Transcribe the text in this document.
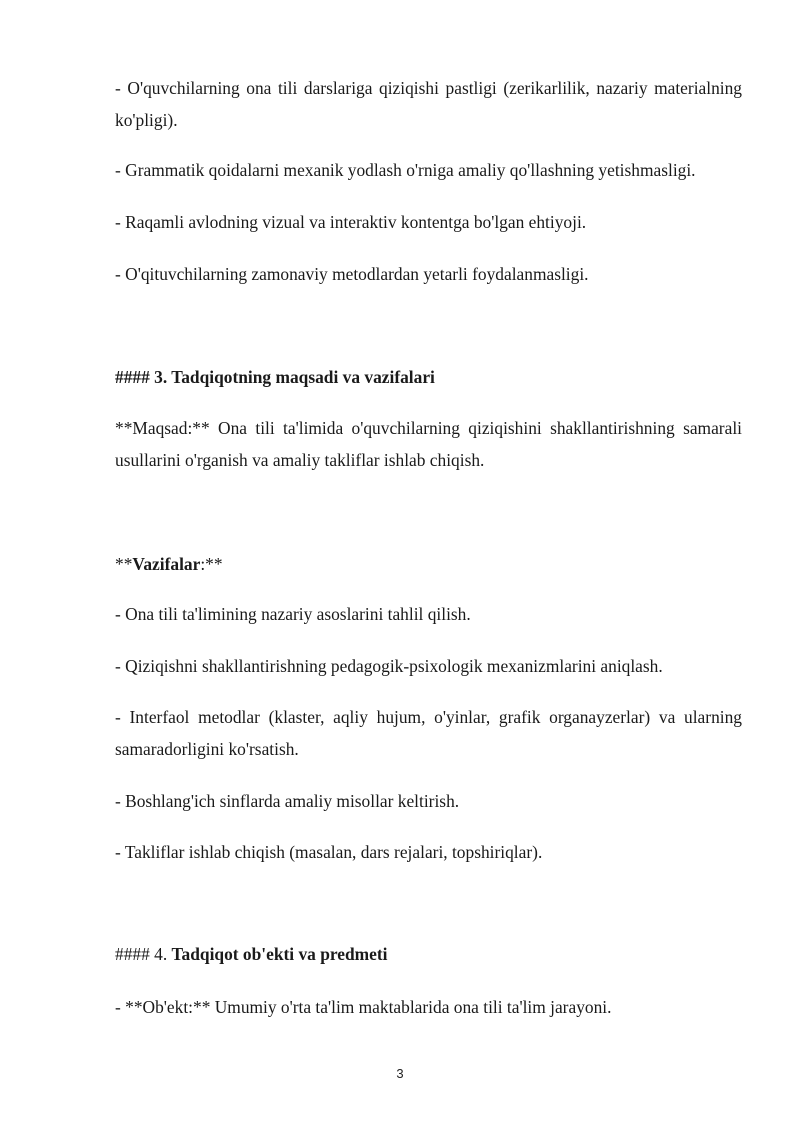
- O'quvchilarning ona tili darslariga qiziqishi pastligi (zerikarlilik, nazariy materialning ko'pligi).

- Grammatik qoidalarni mexanik yodlash o'rniga amaliy qo'llashning yetishmasligi.

- Raqamli avlodning vizual va interaktiv kontentga bo'lgan ehtiyoji.

- O'qituvchilarning zamonaviy metodlardan yetarli foydalanmasligi.

#### 3. Tadqiqotning maqsadi va vazifalari

**Maqsad:** Ona tili ta'limida o'quvchilarning qiziqishini shakllantirishning samarali usullarini o'rganish va amaliy takliflar ishlab chiqish.

**Vazifalar:**

- Ona tili ta'limining nazariy asoslarini tahlil qilish.

- Qiziqishni shakllantirishning pedagogik-psixologik mexanizmlarini aniqlash.

- Interfaol metodlar (klaster, aqliy hujum, o'yinlar, grafik organayzerlar) va ularning samaradorligini ko'rsatish.

- Boshlang'ich sinflarda amaliy misollar keltirish.

- Takliflar ishlab chiqish (masalan, dars rejalari, topshiriqlar).

#### 4. Tadqiqot ob'ekti va predmeti

- **Ob'ekt:** Umumiy o'rta ta'lim maktablarida ona tili ta'lim jarayoni.

3
